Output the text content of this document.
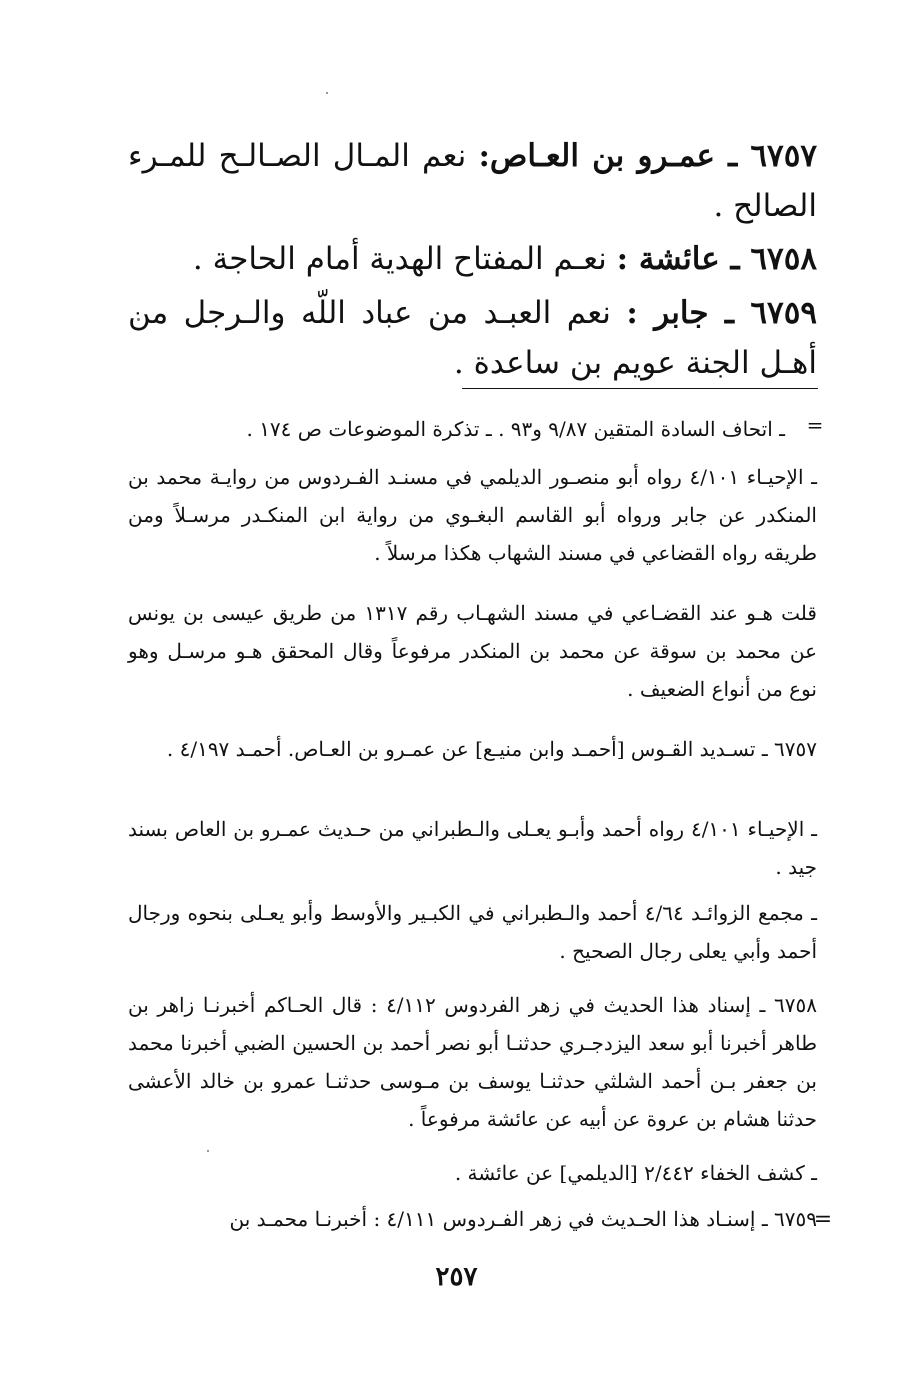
٦٧٥٧ ـ عمـرو بن العـاص: نعم المـال الصـالـح للمـرء الصالح .
٦٧٥٨ ـ عائشة : نعـم المفتاح الهدية أمام الحاجة .
٦٧٥٩ ـ جابر : نعم العبـد من عباد اللّه والـرجل من أهـل الجنة عويم بن ساعدة .
=
ـ اتحاف السادة المتقين ٩/٨٧ و٩٣ . ـ تذكرة الموضوعات ص ١٧٤ .
ـ الإحيـاء ٤/١٠١ رواه أبو منصـور الديلمي في مسنـد الفـردوس من روايـة محمد بن المنكدر عن جابر ورواه أبو القاسم البغـوي من رواية ابن المنكـدر مرسـلاً ومن طريقه رواه القضاعي في مسند الشهاب هكذا مرسلاً .
قلت هـو عند القضـاعي في مسند الشهـاب رقم ١٣١٧ من طريق عيسى بن يونس عن محمد بن سوقة عن محمد بن المنكدر مرفوعاً وقال المحقق هـو مرسـل وهو نوع من أنواع الضعيف .
٦٧٥٧ ـ تسـديد القـوس [أحمـد وابن منيـع] عن عمـرو بن العـاص. أحمـد ٤/١٩٧ .
ـ الإحيـاء ٤/١٠١ رواه أحمد وأبـو يعـلى والـطبراني من حـديث عمـرو بن العاص بسند جيد .
ـ مجمع الزوائـد ٤/٦٤ أحمد والـطبراني في الكبـير والأوسط وأبو يعـلى بنحوه ورجال أحمد وأبي يعلى رجال الصحيح .
٦٧٥٨ ـ إسناد هذا الحديث في زهر الفردوس ٤/١١٢ : قال الحـاكم أخبرنـا زاهر بن طاهر أخبرنا أبو سعد اليزدجـري حدثنـا أبو نصر أحمد بن الحسين الضبي أخبرنا محمد بن جعفر بـن أحمد الشلثي حدثنـا يوسف بن مـوسى حدثنـا عمرو بن خالد الأعشى حدثنا هشام بن عروة عن أبيه عن عائشة مرفوعاً .
ـ كشف الخفاء ٢/٤٤٢ [الديلمي] عن عائشة .
٦٧٥٩ ـ إسنـاد هذا الحـديث في زهر الفـردوس ٤/١١١ : أخبرنـا محمـد بن
=
٢٥٧
